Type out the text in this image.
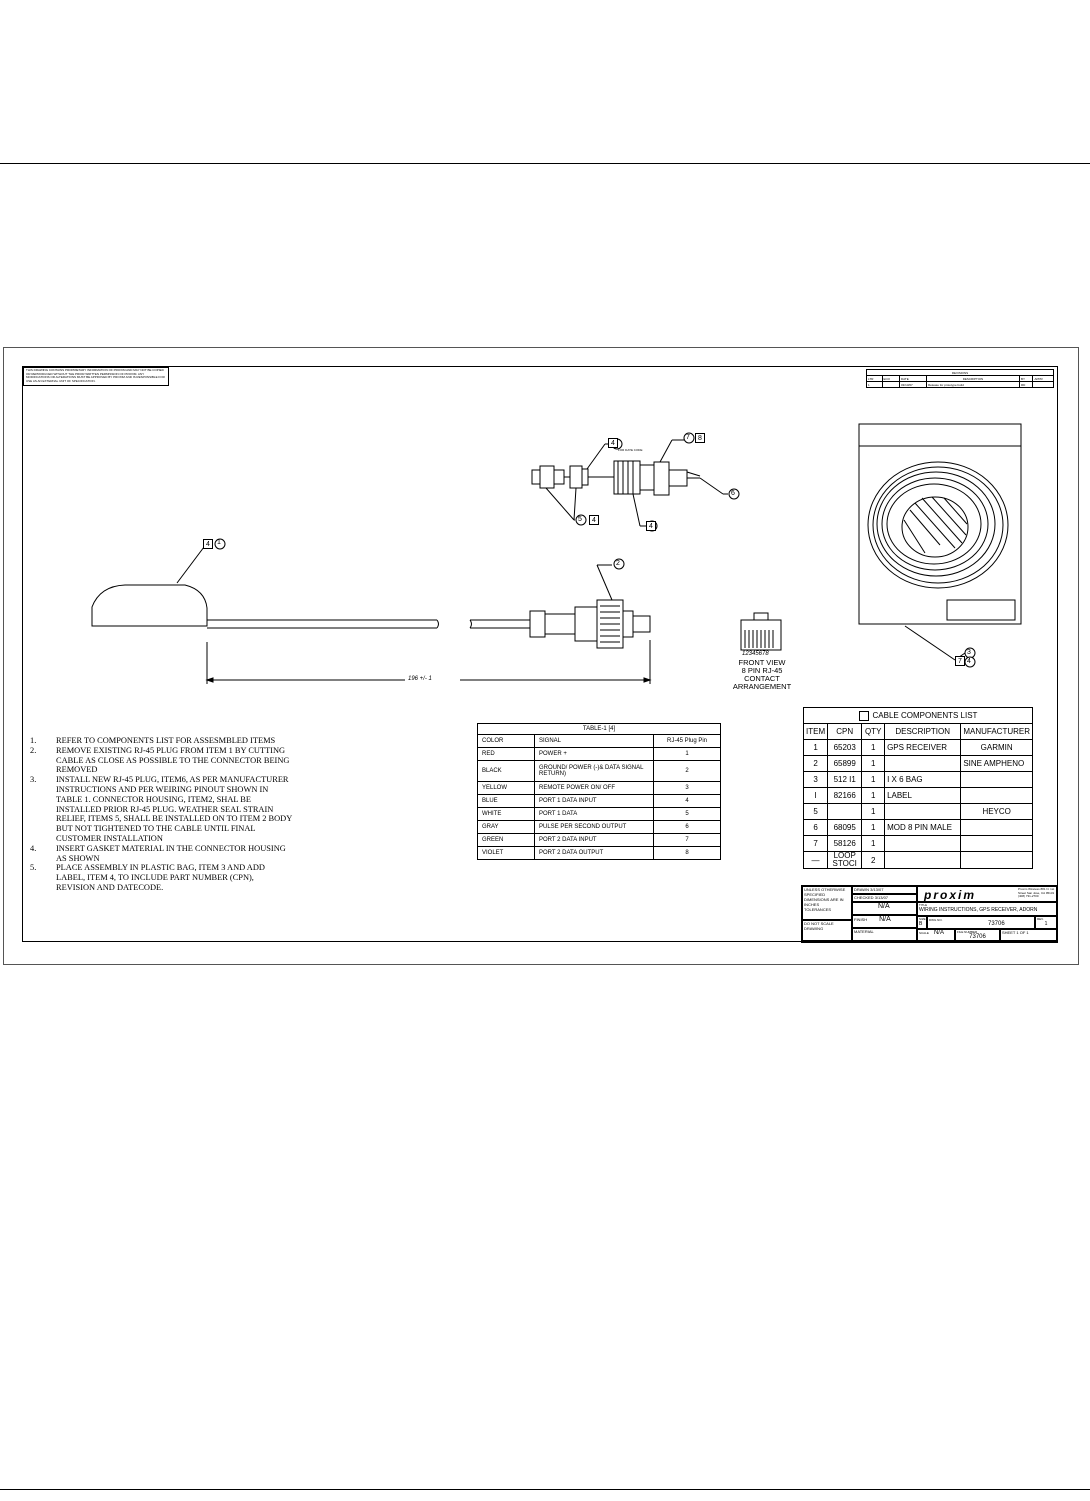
THIS DRAWING CONTAINS PROPRIETARY INFORMATION OF PROXIM AND MAY NOT BE COPIED OR REPRODUCED WITHOUT THE PRIOR WRITTEN PERMISSION OF PROXIM. ANY MODIFICATIONS OR ALTERATIONS MUST BE APPROVED BY PROXIM AND IS RESPONSIBLE FOR USE AS AN EXTERNAL UNIT OF SPECIFICATION.
REVISIONS					
LTR	ECO	DATE	DESCRIPTION	BY	APPR
1		03/13/07	Release for prototype build	RD	
4	1
4
FOR DATE CODE
7	8
6
5	4
4
2
3
7 4
196 +/- 1
12345678
FRONT VIEW
8 PIN RJ-45
CONTACT
ARRANGEMENT
1. REFER TO COMPONENTS LIST FOR ASSESMBLED ITEMS
2. REMOVE EXISTING RJ-45 PLUG FROM ITEM 1 BY CUTTING CABLE AS CLOSE AS POSSIBLE TO THE CONNECTOR BEING REMOVED
3. INSTALL NEW RJ-45 PLUG, ITEM6, AS PER MANUFACTURER INSTRUCTIONS AND PER WEIRING PINOUT SHOWN IN TABLE 1. CONNECTOR HOUSING, ITEM2, SHAL BE INSTALLED PRIOR RJ-45 PLUG. WEATHER SEAL STRAIN RELIEF, ITEMS 5, SHALL BE INSTALLED ON TO ITEM 2 BODY BUT NOT TIGHTENED TO THE CABLE UNTIL FINAL CUSTOMER INSTALLATION
4. INSERT GASKET MATERIAL IN THE CONNECTOR HOUSING AS SHOWN
5. PLACE ASSEMBLY IN PLASTIC BAG, ITEM 3 AND ADD LABEL, ITEM 4, TO INCLUDE PART NUMBER (CPN), REVISION AND DATECODE.
TABLE-1 [4]		
COLOR	SIGNAL	RJ-45 Plug Pin
RED	POWER +	1
BLACK	GROUND/ POWER (-)& DATA SIGNAL RETURN)	2
YELLOW	REMOTE POWER ON/ OFF	3
BLUE	PORT 1 DATA INPUT	4
WHITE	PORT 1 DATA	5
GRAY	PULSE PER SECOND OUTPUT	6
GREEN	PORT 2 DATA INPUT	7
VIOLET	PORT 2 DATA OUTPUT	8
CABLE COMPONENTS LIST				
ITEM	CPN	QTY	DESCRIPTION	MANUFACTURER
1	65203	1	GPS RECEIVER	GARMIN
2	65899	1		SINE AMPHENO
3	512 I1	1	I X 6 BAG	
I	82166	1	LABEL	
5		1		HEYCO
6	68095	1	MOD 8 PIN MALE	
7	58126	1		
—	LOOP STOCI	2		
UNLESS OTHERWISE SPECIFIED DIMENSIONS ARE IN INCHES
TOLERANCES
DO NOT SCALE DRAWING
DRAWN 3/13/07
CHECKED 3/13/07
N/A
FINISH N/A
MATERIAL
proxim	Proxim Wireless 881 N. 1st Street San Jose, CA 95131 (408) 731-2700
TITLE
WIRING INSTRUCTIONS, GPS RECEIVER, ADORN
SIZE
B
DWG NO.
73706
REV.
1
SCALE N/A	FILE NUMBER
73706
SHEET 1 OF 1
